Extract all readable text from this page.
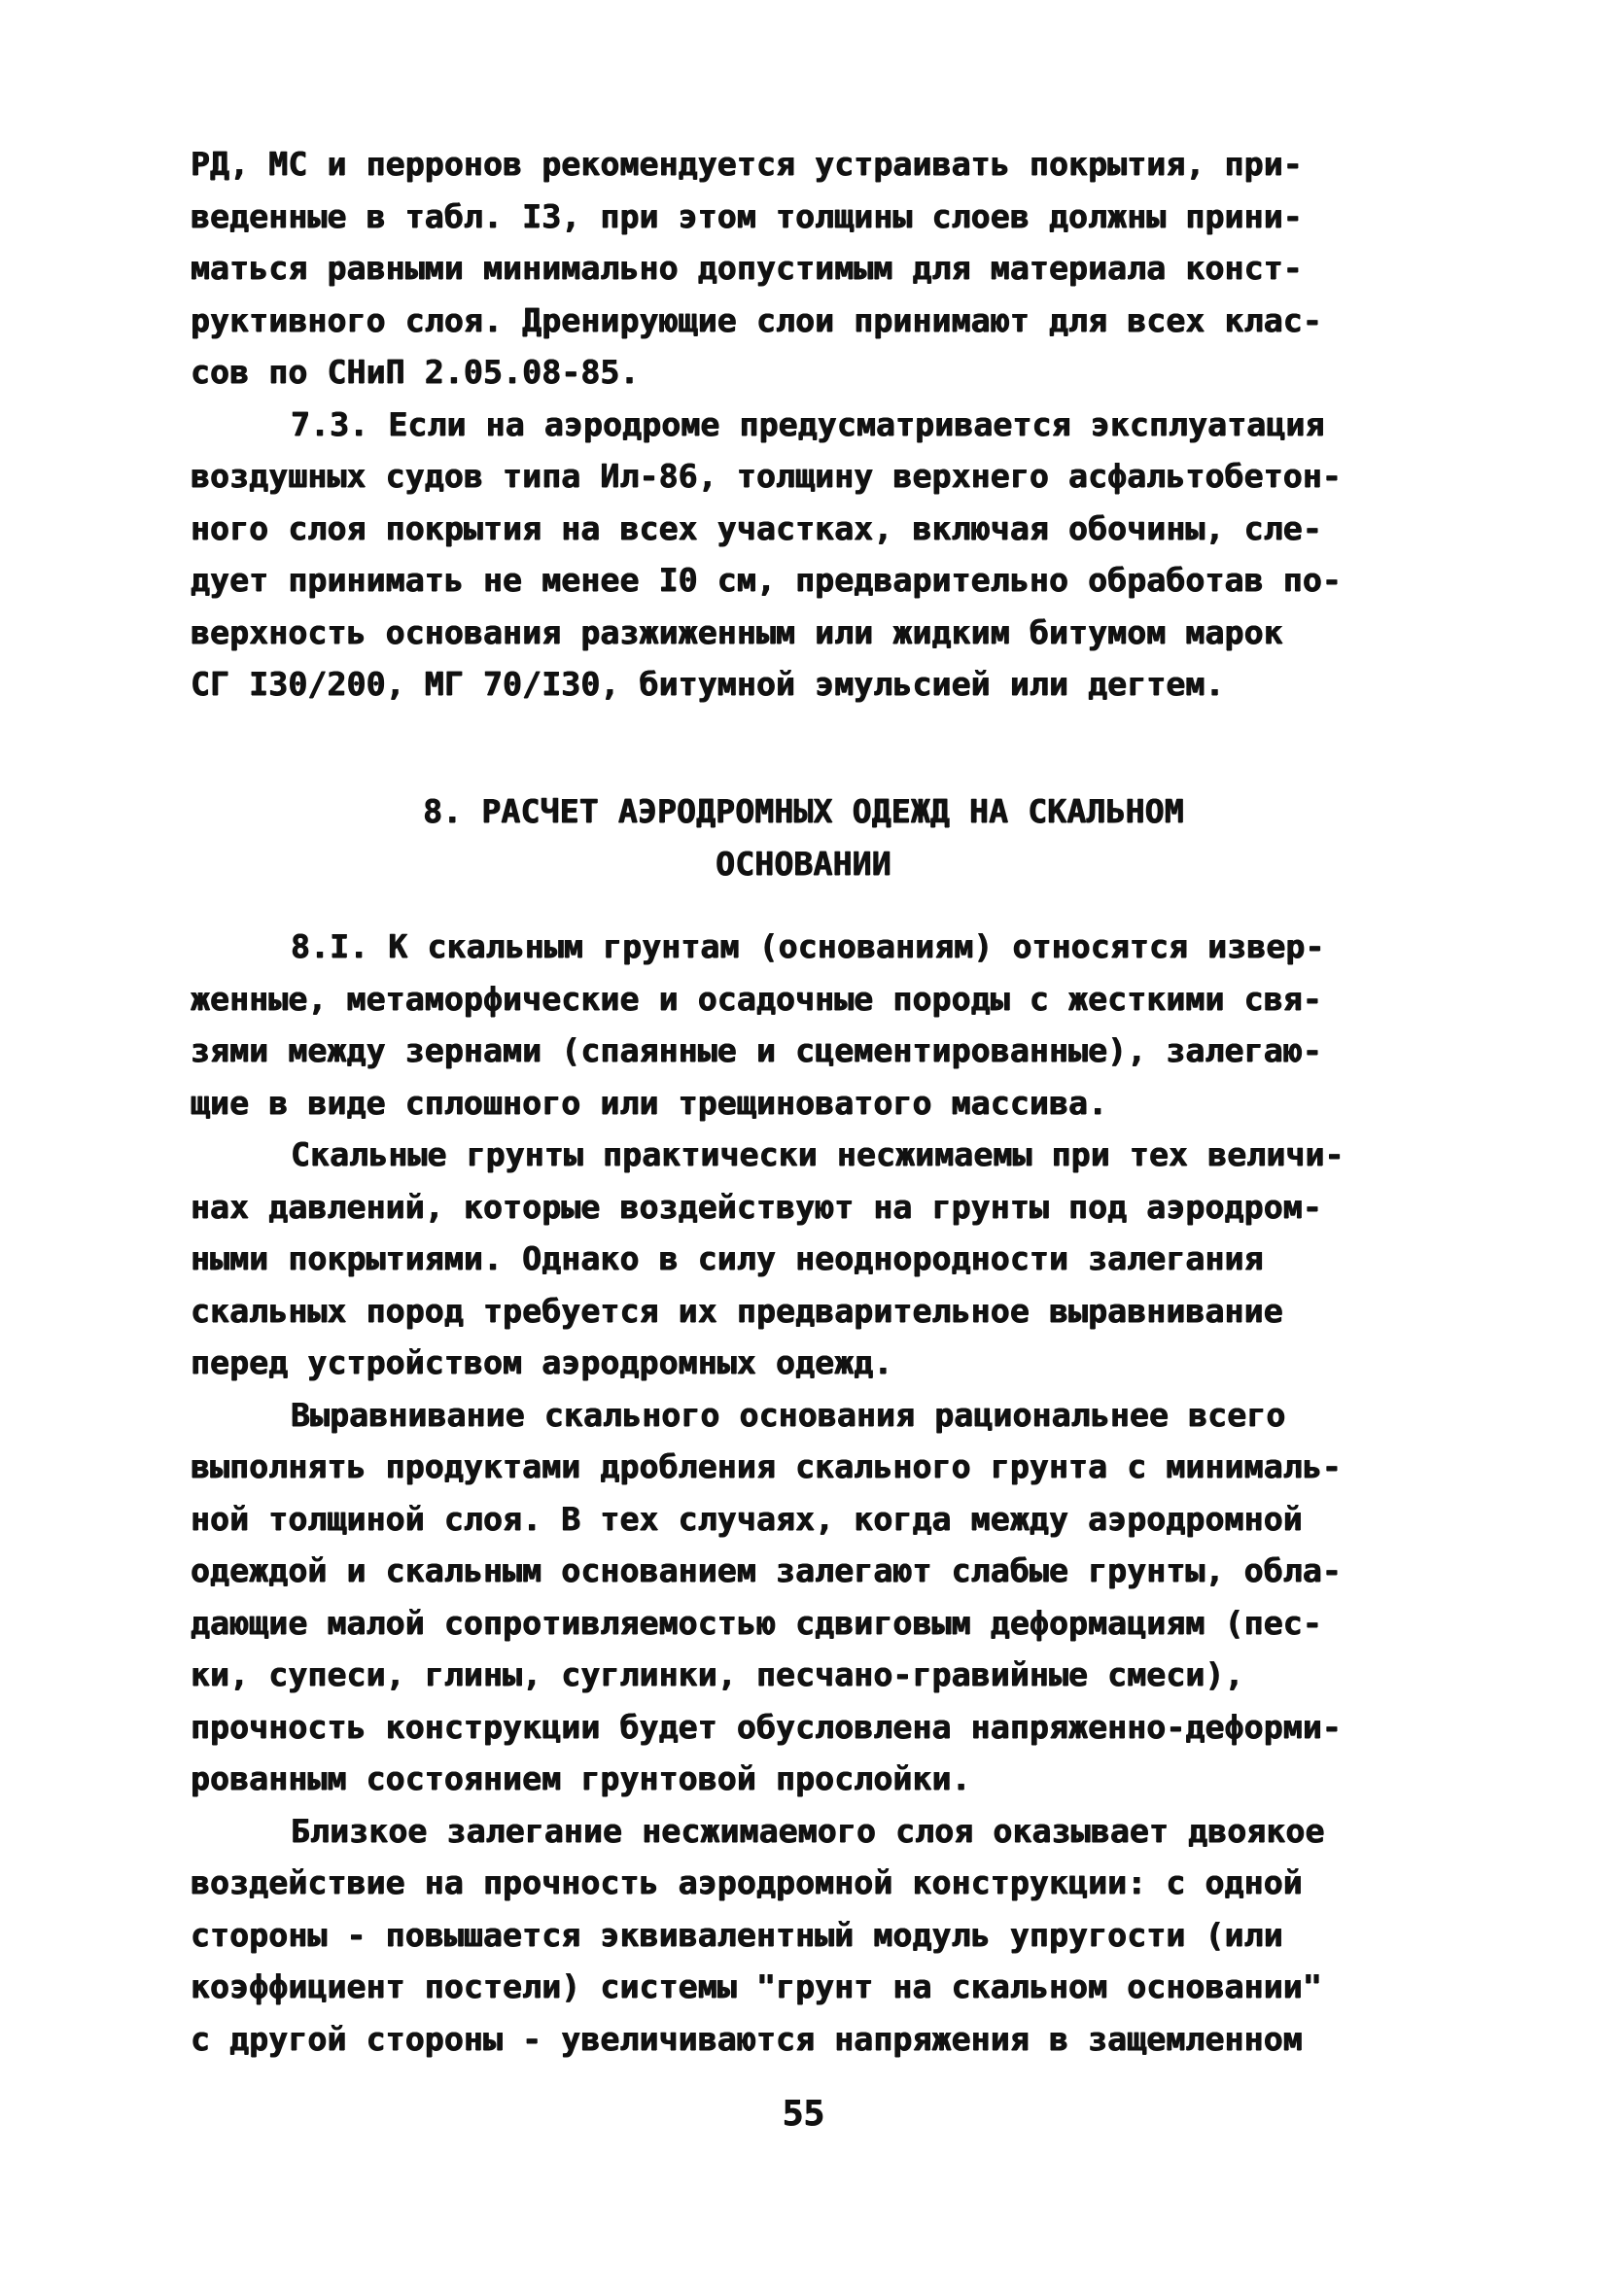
РД, МС и перронов рекомендуется устраивать покрытия, при-
веденные в табл. I3, при этом толщины слоев должны прини-
маться равными минимально допустимым для материала конст-
руктивного слоя. Дренирующие слои принимают для всех клас-
сов по СНиП 2.05.08-85.
7.3. Если на аэродроме предусматривается эксплуатация
воздушных судов типа Ил-86, толщину верхнего асфальтобетон-
ного слоя покрытия на всех участках, включая обочины, сле-
дует принимать не менее I0 см, предварительно обработав по-
верхность основания разжиженным или жидким битумом марок
СГ I30/200, МГ 70/I30, битумной эмульсией или дегтем.
8. РАСЧЕТ АЭРОДРОМНЫХ ОДЕЖД НА СКАЛЬНОМ
ОСНОВАНИИ
8.I. К скальным грунтам (основаниям) относятся извер-
женные, метаморфические и осадочные породы с жесткими свя-
зями между зернами (спаянные и сцементированные), залегаю-
щие в виде сплошного или трещиноватого массива.
Скальные грунты практически несжимаемы при тех величи-
нах давлений, которые воздействуют на грунты под аэродром-
ными покрытиями. Однако в силу неоднородности залегания
скальных пород требуется их предварительное выравнивание
перед устройством аэродромных одежд.
Выравнивание скального основания рациональнее всего
выполнять продуктами дробления скального грунта с минималь-
ной толщиной слоя. В тех случаях, когда между аэродромной
одеждой и скальным основанием залегают слабые грунты, обла-
дающие малой сопротивляемостью сдвиговым деформациям (пес-
ки, супеси, глины, суглинки, песчано-гравийные смеси),
прочность конструкции будет обусловлена напряженно-деформи-
рованным состоянием грунтовой прослойки.
Близкое залегание несжимаемого слоя оказывает двоякое
воздействие на прочность аэродромной конструкции: с одной
стороны - повышается эквивалентный модуль упругости (или
коэффициент постели) системы "грунт на скальном основании"
с другой стороны - увеличиваются напряжения в защемленном
55
